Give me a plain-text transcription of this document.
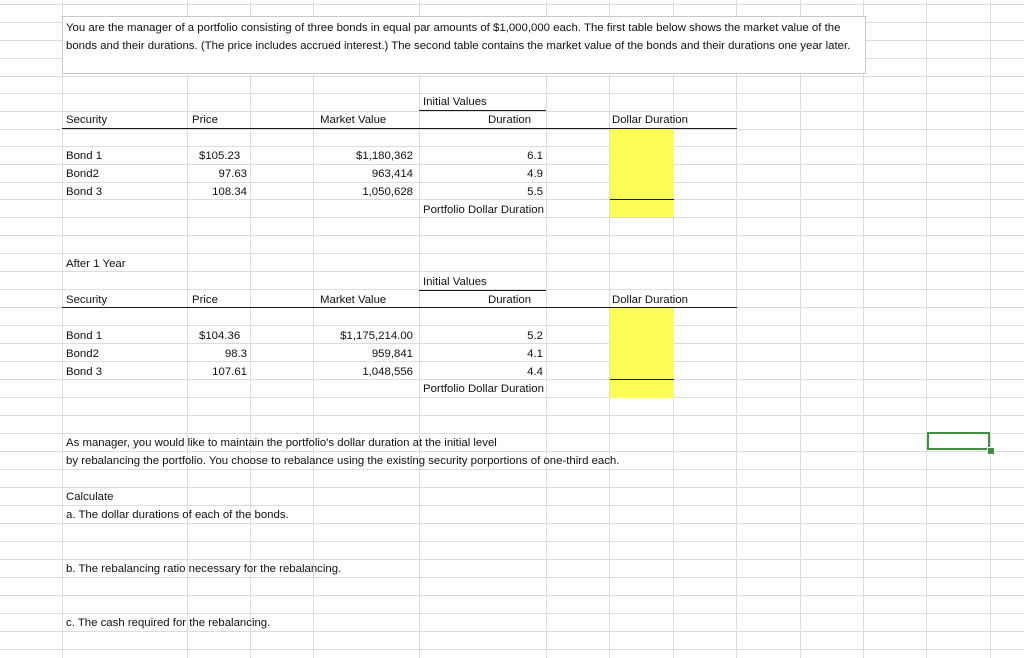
You are the manager of a portfolio consisting of three bonds in equal par amounts of $1,000,000 each. The first table below shows the market value of the bonds and their durations. (The price includes accrued interest.) The second table contains the market value of the bonds and their durations one year later.
Initial Values
Security	Price	Market Value	Duration	Dollar Duration
Bond 1	$105.23	$1,180,362	6.1
Bond2	97.63	963,414	4.9
Bond 3	108.34	1,050,628	5.5
Portfolio Dollar Duration
After 1 Year
Initial Values
Security	Price	Market Value	Duration	Dollar Duration
Bond 1	$104.36	$1,175,214.00	5.2
Bond2	98.3	959,841	4.1
Bond 3	107.61	1,048,556	4.4
Portfolio Dollar Duration
As manager, you would like to maintain the portfolio's dollar duration at the initial level
by rebalancing the portfolio. You choose to rebalance using the existing security porportions of one-third each.
Calculate
a. The dollar durations of each of the bonds.
b. The rebalancing ratio necessary for the rebalancing.
c. The cash required for the rebalancing.
